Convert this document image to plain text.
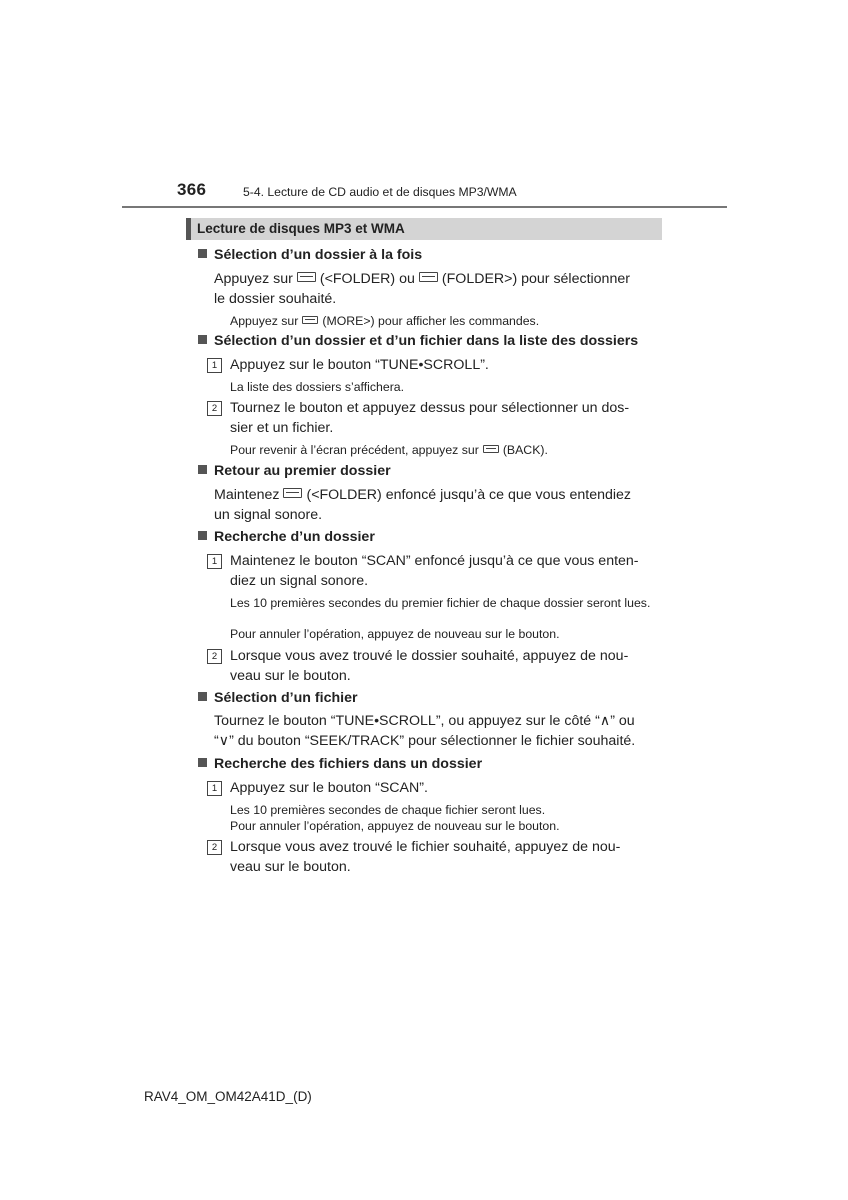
366	5-4. Lecture de CD audio et de disques MP3/WMA
Lecture de disques MP3 et WMA
Sélection d’un dossier à la fois
Appuyez sur (<FOLDER) ou (FOLDER>) pour sélectionner
le dossier souhaité.
Appuyez sur (MORE>) pour afficher les commandes.
Sélection d’un dossier et d’un fichier dans la liste des dossiers
1 Appuyez sur le bouton “TUNE•SCROLL”.
La liste des dossiers s’affichera.
2 Tournez le bouton et appuyez dessus pour sélectionner un dos-
sier et un fichier.
Pour revenir à l’écran précédent, appuyez sur (BACK).
Retour au premier dossier
Maintenez (<FOLDER) enfoncé jusqu’à ce que vous entendiez
un signal sonore.
Recherche d’un dossier
1 Maintenez le bouton “SCAN” enfoncé jusqu’à ce que vous enten-
diez un signal sonore.
Les 10 premières secondes du premier fichier de chaque dossier seront lues.
Pour annuler l’opération, appuyez de nouveau sur le bouton.
2 Lorsque vous avez trouvé le dossier souhaité, appuyez de nou-
veau sur le bouton.
Sélection d’un fichier
Tournez le bouton “TUNE•SCROLL”, ou appuyez sur le côté “∧” ou
“∨” du bouton “SEEK/TRACK” pour sélectionner le fichier souhaité.
Recherche des fichiers dans un dossier
1 Appuyez sur le bouton “SCAN”.
Les 10 premières secondes de chaque fichier seront lues.
Pour annuler l’opération, appuyez de nouveau sur le bouton.
2 Lorsque vous avez trouvé le fichier souhaité, appuyez de nou-
veau sur le bouton.
RAV4_OM_OM42A41D_(D)
